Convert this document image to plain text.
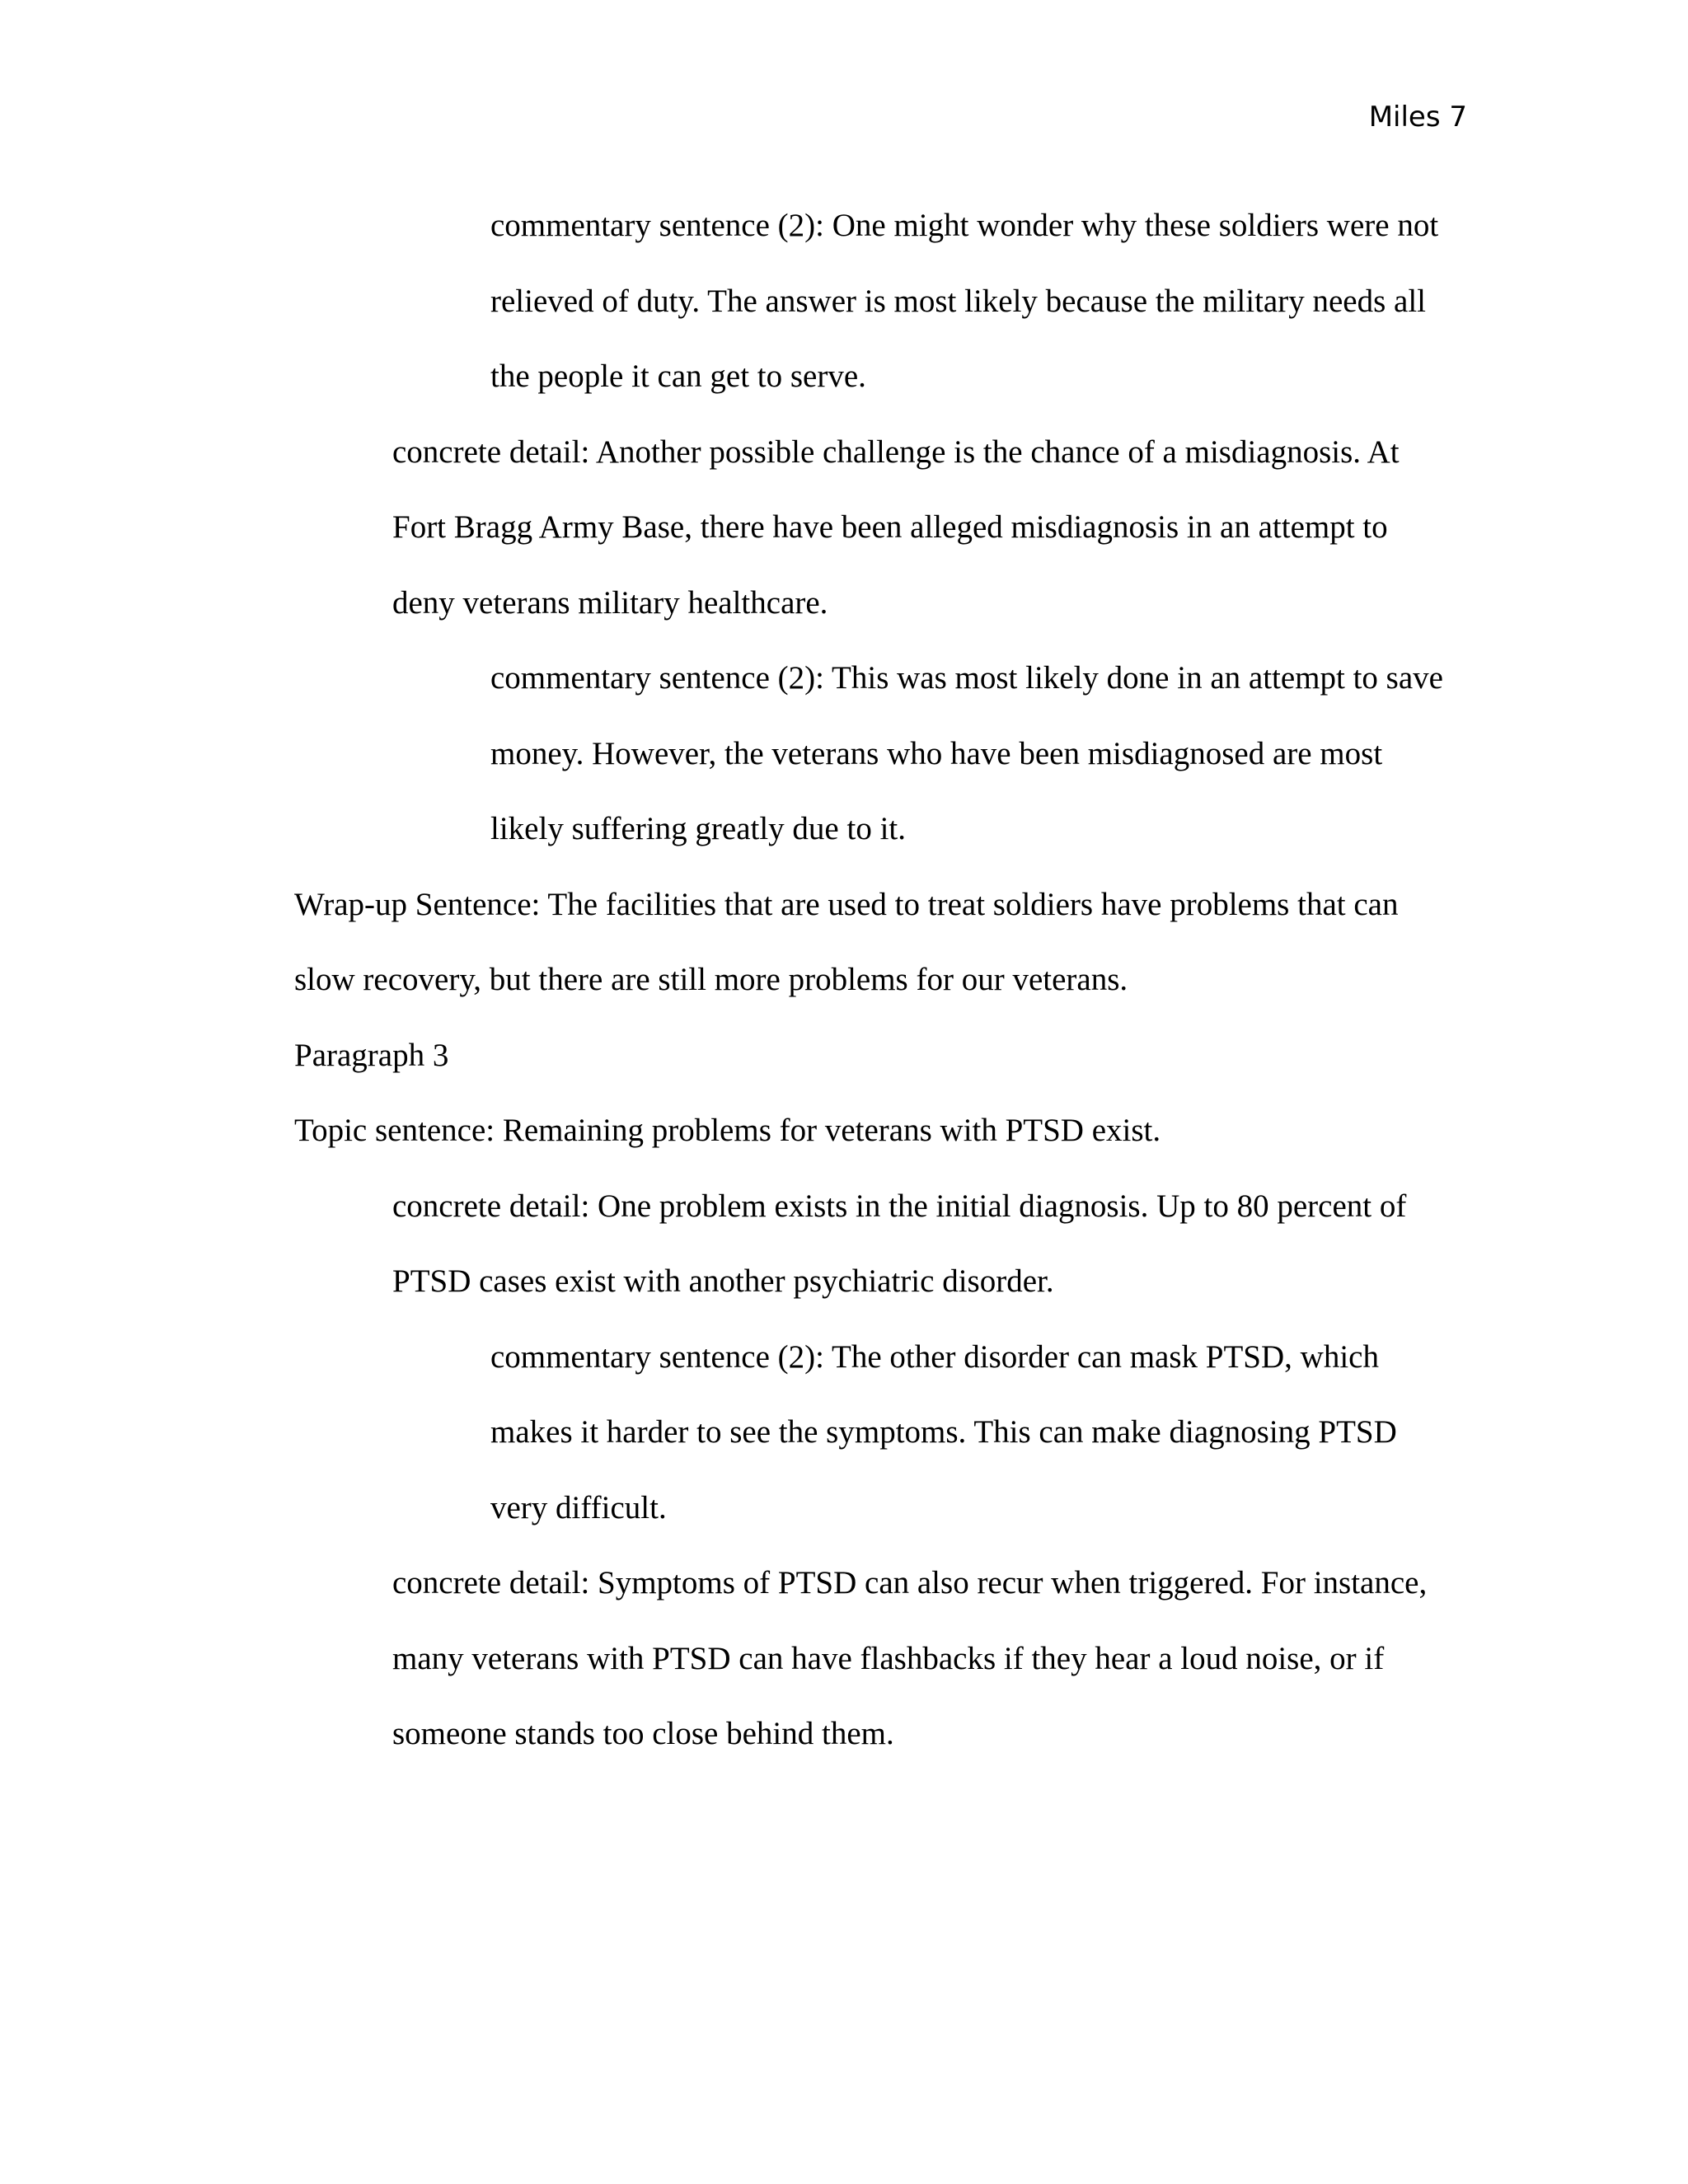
Miles 7
commentary sentence (2): One might wonder why these soldiers were not
relieved of duty. The answer is most likely because the military needs all
the people it can get to serve.
concrete detail: Another possible challenge is the chance of a misdiagnosis. At
Fort Bragg Army Base, there have been alleged misdiagnosis in an attempt to
deny veterans military healthcare.
commentary sentence (2): This was most likely done in an attempt to save
money. However, the veterans who have been misdiagnosed are most
likely suffering greatly due to it.
Wrap-up Sentence: The facilities that are used to treat soldiers have problems that can
slow recovery, but there are still more problems for our veterans.
Paragraph 3
Topic sentence: Remaining problems for veterans with PTSD exist.
concrete detail: One problem exists in the initial diagnosis. Up to 80 percent of
PTSD cases exist with another psychiatric disorder.
commentary sentence (2): The other disorder can mask PTSD, which
makes it harder to see the symptoms. This can make diagnosing PTSD
very difficult.
concrete detail: Symptoms of PTSD can also recur when triggered. For instance,
many veterans with PTSD can have flashbacks if they hear a loud noise, or if
someone stands too close behind them.
